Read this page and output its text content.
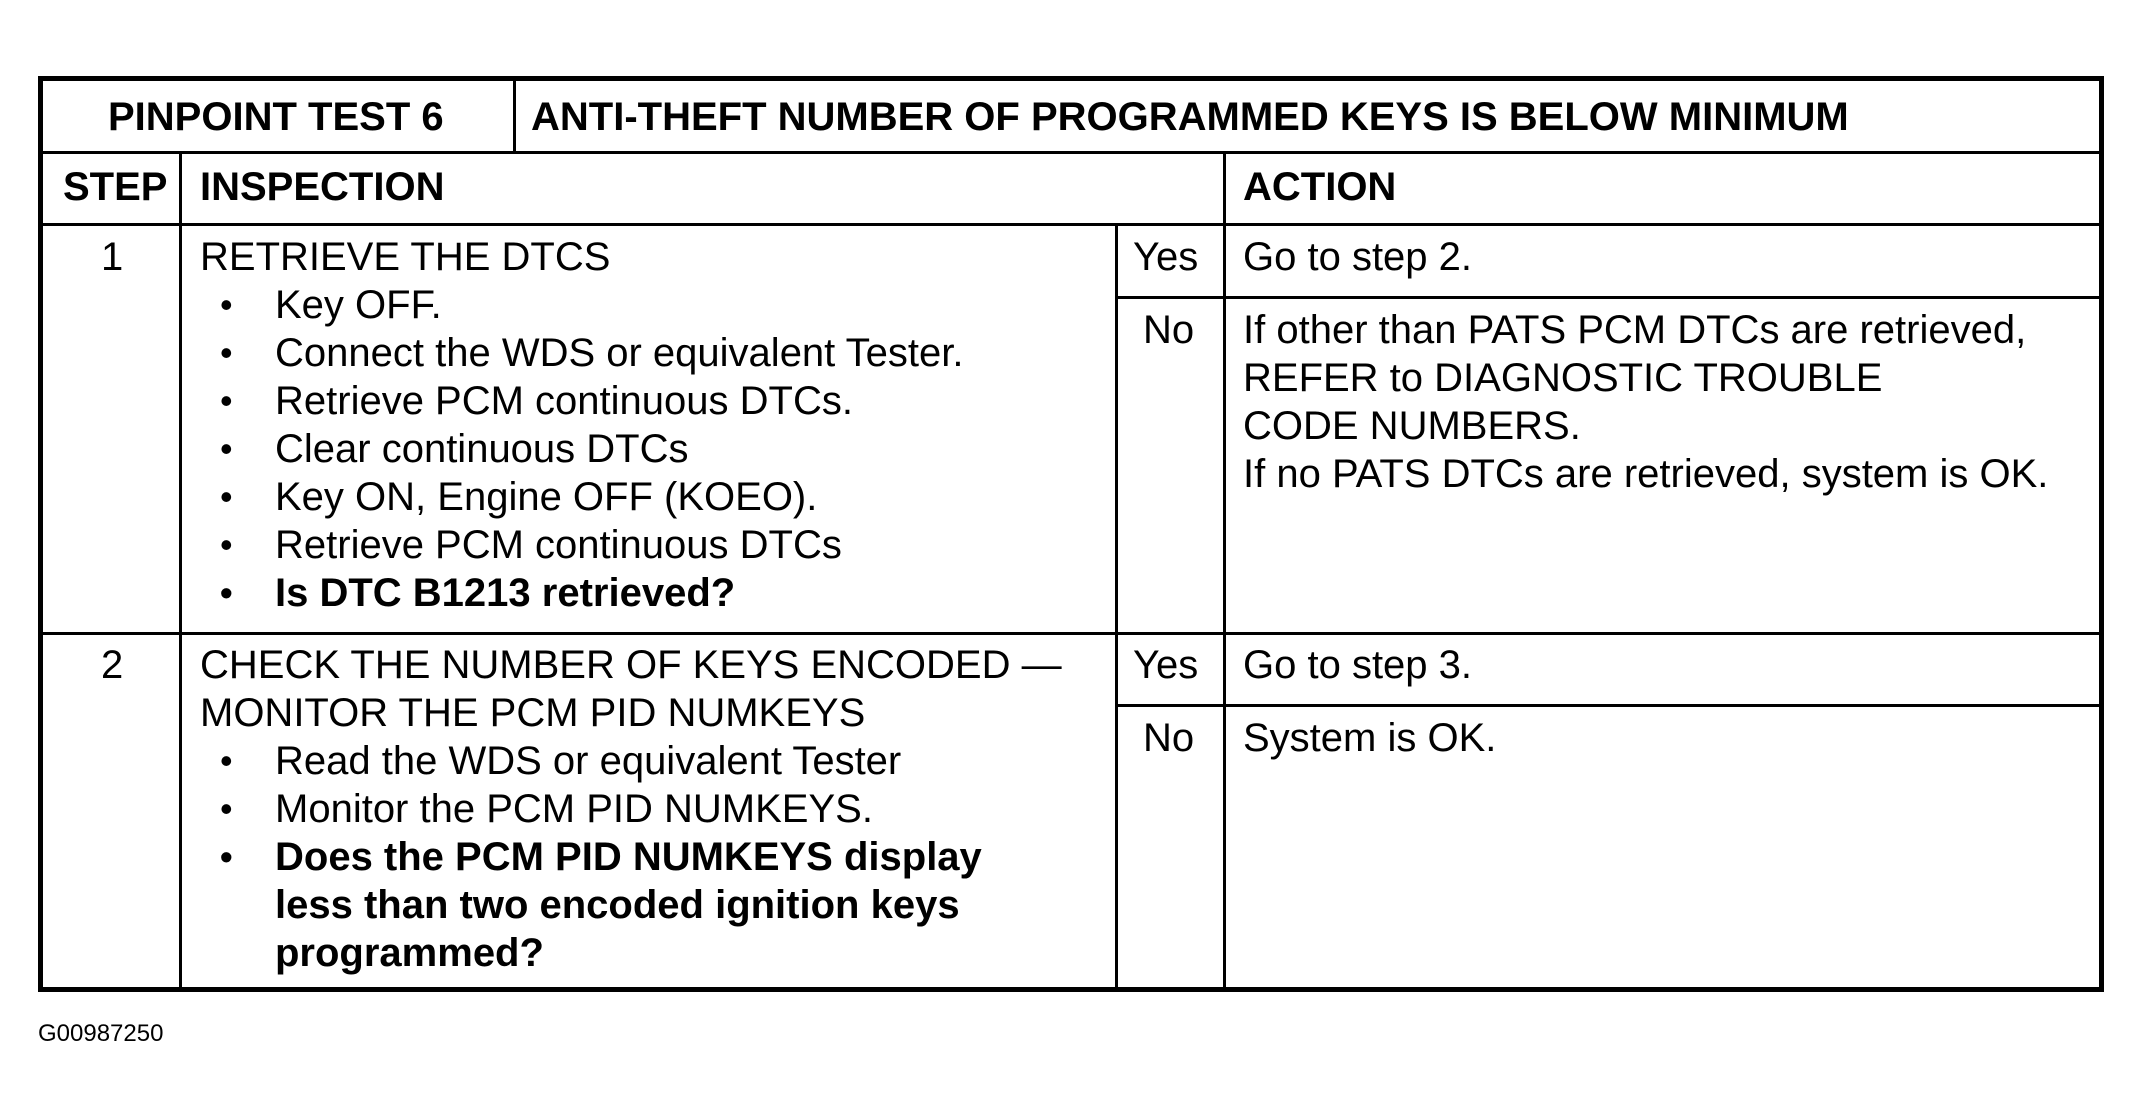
PINPOINT TEST 6 ANTI-THEFT NUMBER OF PROGRAMMED KEYS IS BELOW MINIMUM
STEP INSPECTION	ACTION
1 RETRIEVE THE DTCS
• Key OFF.
• Connect the WDS or equivalent Tester.
• Retrieve PCM continuous DTCs.
• Clear continuous DTCs
• Key ON, Engine OFF (KOEO).
• Retrieve PCM continuous DTCs
• Is DTC B1213 retrieved?
Yes Go to step 2.
No If other than PATS PCM DTCs are retrieved,
REFER to DIAGNOSTIC TROUBLE
CODE NUMBERS.
If no PATS DTCs are retrieved, system is OK.
2 CHECK THE NUMBER OF KEYS ENCODED —
MONITOR THE PCM PID NUMKEYS
• Read the WDS or equivalent Tester
• Monitor the PCM PID NUMKEYS.
• Does the PCM PID NUMKEYS display
less than two encoded ignition keys
programmed?
Yes Go to step 3.
No System is OK.
G00987250
